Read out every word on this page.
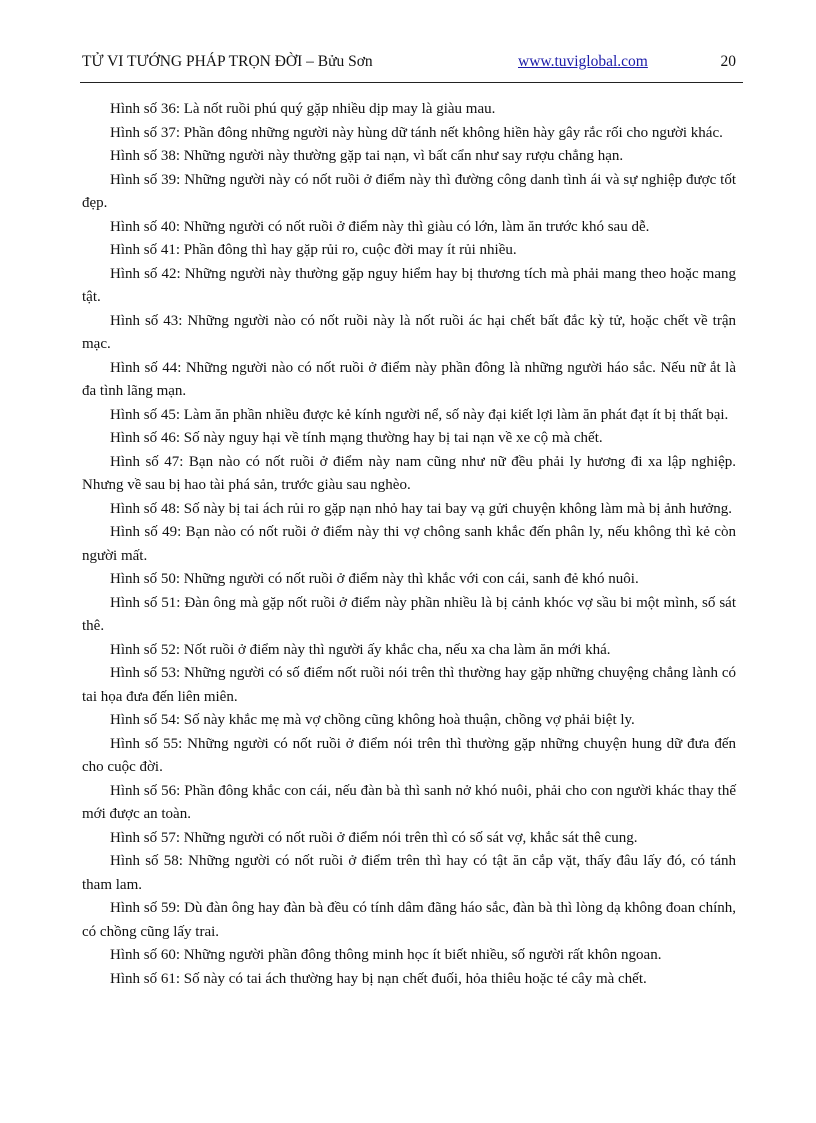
TỬ VI TƯỚNG PHÁP TRỌN ĐỜI – Bửu Sơn	www.tuviglobal.com	20

Hình số 36: Là nốt ruồi phú quý gặp nhiều dịp may là giàu mau.

Hình số 37: Phần đông những người này hùng dữ tánh nết không hiền hày gây rắc rối cho người khác.

Hình số 38: Những người này thường gặp tai nạn, vì bất cẩn như say rượu chẳng hạn.

Hình số 39: Những người này có nốt ruồi ở điểm này thì đường công danh tình ái và sự nghiệp được tốt đẹp.

Hình số 40: Những người có nốt ruồi ở điểm này thì giàu có lớn, làm ăn trước khó sau dễ.

Hình số 41: Phần đông thì hay gặp rủi ro, cuộc đời may ít rủi nhiều.

Hình số 42: Những người này thường gặp nguy hiểm hay bị thương tích mà phải mang theo hoặc mang tật.

Hình số 43: Những người nào có nốt ruồi này là nốt ruồi ác hại chết bất đắc kỳ tử, hoặc chết về trận mạc.

Hình số 44: Những người nào có nốt ruồi ở điểm này phần đông là những người háo sắc. Nếu nữ ắt là đa tình lãng mạn.

Hình số 45: Làm ăn phần nhiều được kẻ kính người nể, số này đại kiết lợi làm ăn phát đạt ít bị thất bại.

Hình số 46: Số này nguy hại về tính mạng thường hay bị tai nạn về xe cộ mà chết.

Hình số 47: Bạn nào có nốt ruồi ở điểm này nam cũng như nữ đều phải ly hương đi xa lập nghiệp. Nhưng về sau bị hao tài phá sản, trước giàu sau nghèo.

Hình số 48: Số này bị tai ách rủi ro gặp nạn nhỏ hay tai bay vạ gửi chuyện không làm mà bị ảnh hưởng.

Hình số 49: Bạn nào có nốt ruồi ở điểm này thi vợ chông sanh khắc đến phân ly, nếu không thì kẻ còn người mất.

Hình số 50: Những người có nốt ruồi ở điểm này thì khắc với con cái, sanh đẻ khó nuôi.

Hình số 51: Đàn ông mà gặp nốt ruồi ở điểm này phần nhiều là bị cảnh khóc vợ sầu bi một mình, số sát thê.

Hình số 52: Nốt ruồi ở điểm này thì người ấy khắc cha, nếu xa cha làm ăn mới khá.

Hình số 53: Những người có số điểm nốt ruồi nói trên thì thường hay gặp những chuyệng chẳng lành có tai họa đưa đến liên miên.

Hình số 54: Số này khắc mẹ mà vợ chồng cũng không hoà thuận, chồng vợ phải biệt ly.

Hình số 55: Những người có nốt ruồi ở điểm nói trên thì thường gặp những chuyện hung dữ đưa đến cho cuộc đời.

Hình số 56: Phần đông khắc con cái, nếu đàn bà thì sanh nở khó nuôi, phải cho con người khác thay thế mới được an toàn.

Hình số 57: Những người có nốt ruồi ở điểm nói trên thì có số sát vợ, khắc sát thê cung.

Hình số 58: Những người có nốt ruồi ở điểm trên thì hay có tật ăn cắp vặt, thấy đâu lấy đó, có tánh tham lam.

Hình số 59: Dù đàn ông hay đàn bà đều có tính dâm đãng háo sắc, đàn bà thì lòng dạ không đoan chính, có chồng cũng lấy trai.

Hình số 60: Những người phần đông thông minh học ít biết nhiều, số người rất khôn ngoan.

Hình số 61: Số này có tai ách thường hay bị nạn chết đuối, hỏa thiêu hoặc té cây mà chết.
